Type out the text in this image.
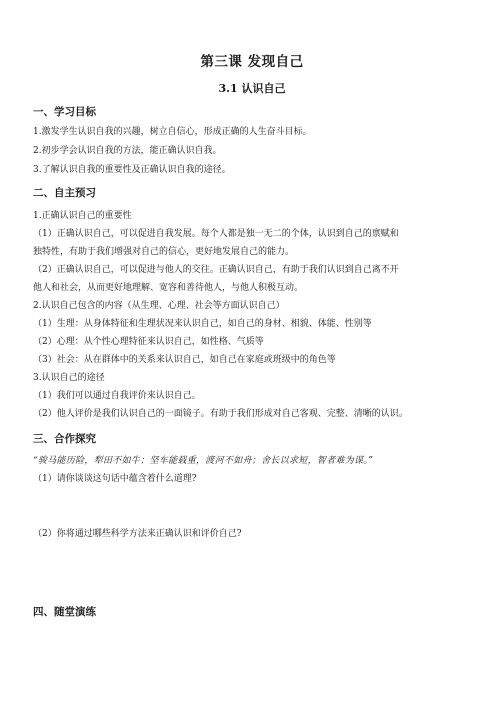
第三课 发现自己
3.1 认识自己
一、学习目标
1.激发学生认识自我的兴趣，树立自信心，形成正确的人生奋斗目标。
2.初步学会认识自我的方法，能正确认识自我。
3.了解认识自我的重要性及正确认识自我的途径。
二、自主预习
1.正确认识自己的重要性
（1）正确认识自己，可以促进自我发展。每个人都是独一无二的个体，认识到自己的禀赋和
独特性，有助于我们增强对自己的信心，更好地发展自己的能力。
（2）正确认识自己，可以促进与他人的交往。正确认识自己，有助于我们认识到自己离不开
他人和社会，从而更好地理解、宽容和善待他人，与他人积极互动。
2.认识自己包含的内容（从生理、心理、社会等方面认识自己）
（1）生理：从身体特征和生理状况来认识自己，如自己的身材、相貌、体能、性别等
（2）心理：从个性心理特征来认识自己，如性格、气质等
（3）社会：从在群体中的关系来认识自己，如自己在家庭或班级中的角色等
3.认识自己的途径
（1）我们可以通过自我评价来认识自己。
（2）他人评价是我们认识自己的一面镜子。有助于我们形成对自己客观、完整、清晰的认识。
三、合作探究
“骏马能历险，犁田不如牛；坚车能载重，渡河不如舟；舍长以求短，智者难为谋。”
（1）请你谈谈这句话中蕴含着什么道理?
（2）你将通过哪些科学方法来正确认识和评价自己?
四、随堂演练
